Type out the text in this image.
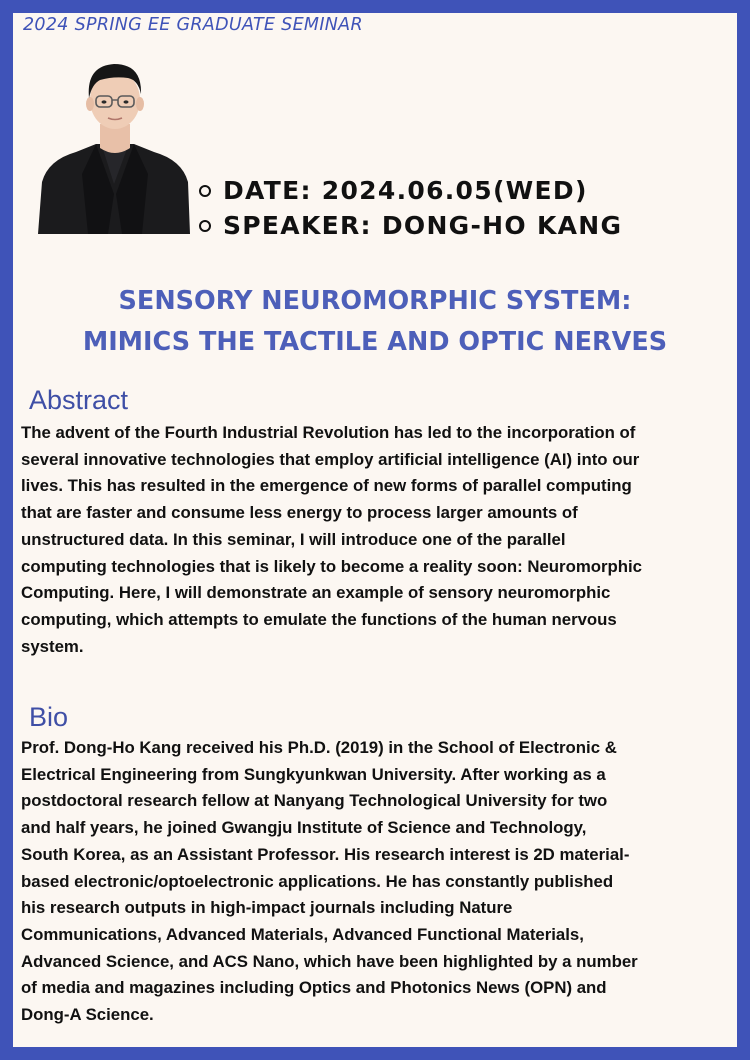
2024 SPRING EE GRADUATE SEMINAR
DATE: 2024.06.05(WED)
SPEAKER: DONG-HO KANG
SENSORY NEUROMORPHIC SYSTEM:
MIMICS THE TACTILE AND OPTIC NERVES
Abstract
The advent of the Fourth Industrial Revolution has led to the incorporation of
several innovative technologies that employ artificial intelligence (AI) into our
lives. This has resulted in the emergence of new forms of parallel computing
that are faster and consume less energy to process larger amounts of
unstructured data. In this seminar, I will introduce one of the parallel
computing technologies that is likely to become a reality soon: Neuromorphic
Computing. Here, I will demonstrate an example of sensory neuromorphic
computing, which attempts to emulate the functions of the human nervous
system.
Bio
Prof. Dong-Ho Kang received his Ph.D. (2019) in the School of Electronic &
Electrical Engineering from Sungkyunkwan University. After working as a
postdoctoral research fellow at Nanyang Technological University for two
and half years, he joined Gwangju Institute of Science and Technology,
South Korea, as an Assistant Professor. His research interest is 2D material-
based electronic/optoelectronic applications. He has constantly published
his research outputs in high-impact journals including Nature
Communications, Advanced Materials, Advanced Functional Materials,
Advanced Science, and ACS Nano, which have been highlighted by a number
of media and magazines including Optics and Photonics News (OPN) and
Dong-A Science.
